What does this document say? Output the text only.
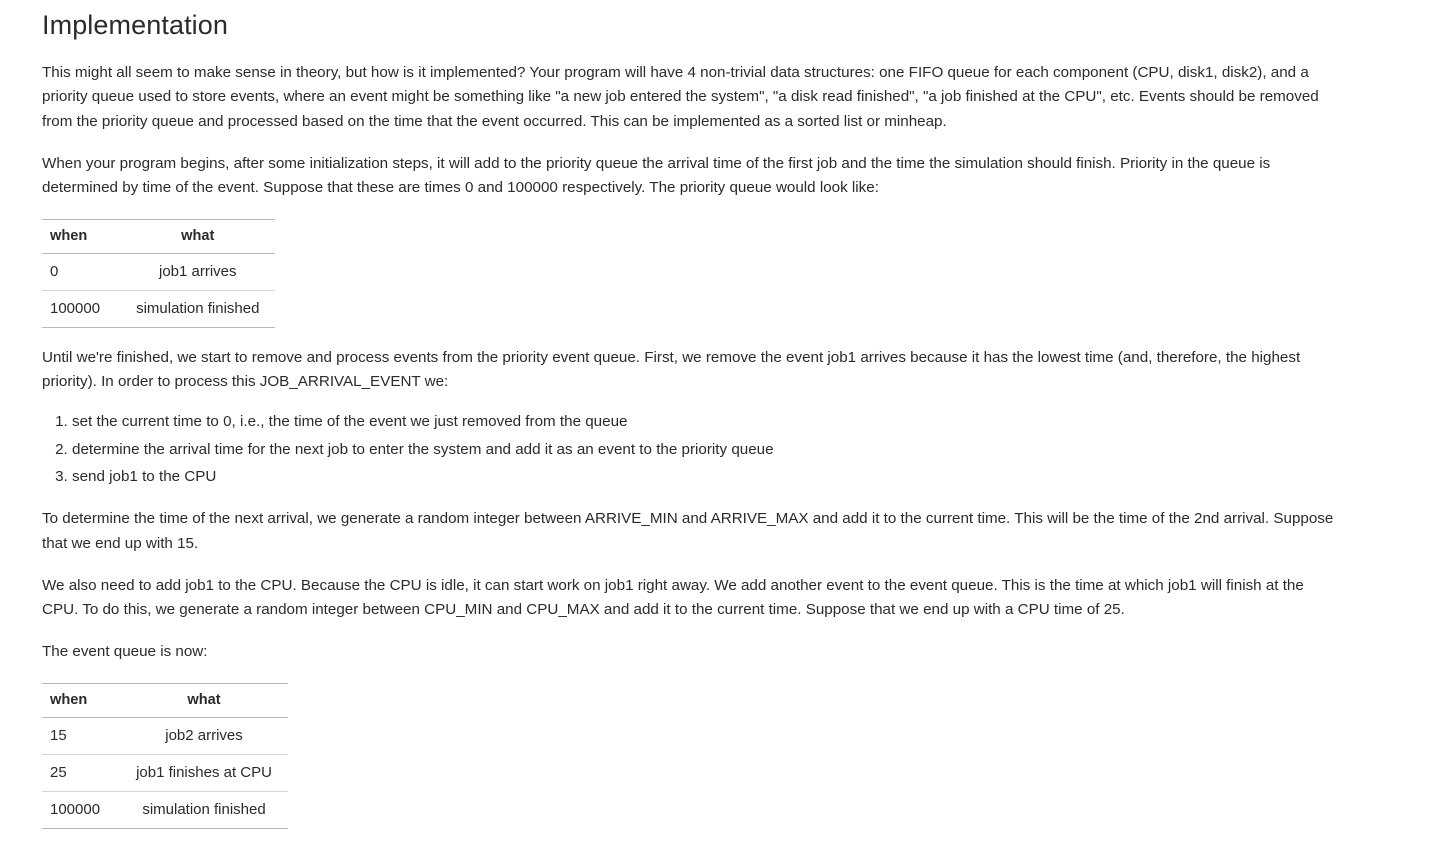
Implementation

This might all seem to make sense in theory, but how is it implemented? Your program will have 4 non-trivial data structures: one FIFO queue for each component (CPU, disk1, disk2), and a priority queue used to store events, where an event might be something like "a new job entered the system", "a disk read finished", "a job finished at the CPU", etc. Events should be removed from the priority queue and processed based on the time that the event occurred. This can be implemented as a sorted list or minheap.

When your program begins, after some initialization steps, it will add to the priority queue the arrival time of the first job and the time the simulation should finish. Priority in the queue is determined by time of the event. Suppose that these are times 0 and 100000 respectively. The priority queue would look like:

when	what
0	job1 arrives
100000	simulation finished

Until we're finished, we start to remove and process events from the priority event queue. First, we remove the event job1 arrives because it has the lowest time (and, therefore, the highest priority). In order to process this JOB_ARRIVAL_EVENT we:

1. set the current time to 0, i.e., the time of the event we just removed from the queue
2. determine the arrival time for the next job to enter the system and add it as an event to the priority queue
3. send job1 to the CPU

To determine the time of the next arrival, we generate a random integer between ARRIVE_MIN and ARRIVE_MAX and add it to the current time. This will be the time of the 2nd arrival. Suppose that we end up with 15.

We also need to add job1 to the CPU. Because the CPU is idle, it can start work on job1 right away. We add another event to the event queue. This is the time at which job1 will finish at the CPU. To do this, we generate a random integer between CPU_MIN and CPU_MAX and add it to the current time. Suppose that we end up with a CPU time of 25.

The event queue is now:

when	what
15	job2 arrives
25	job1 finishes at CPU
100000	simulation finished
